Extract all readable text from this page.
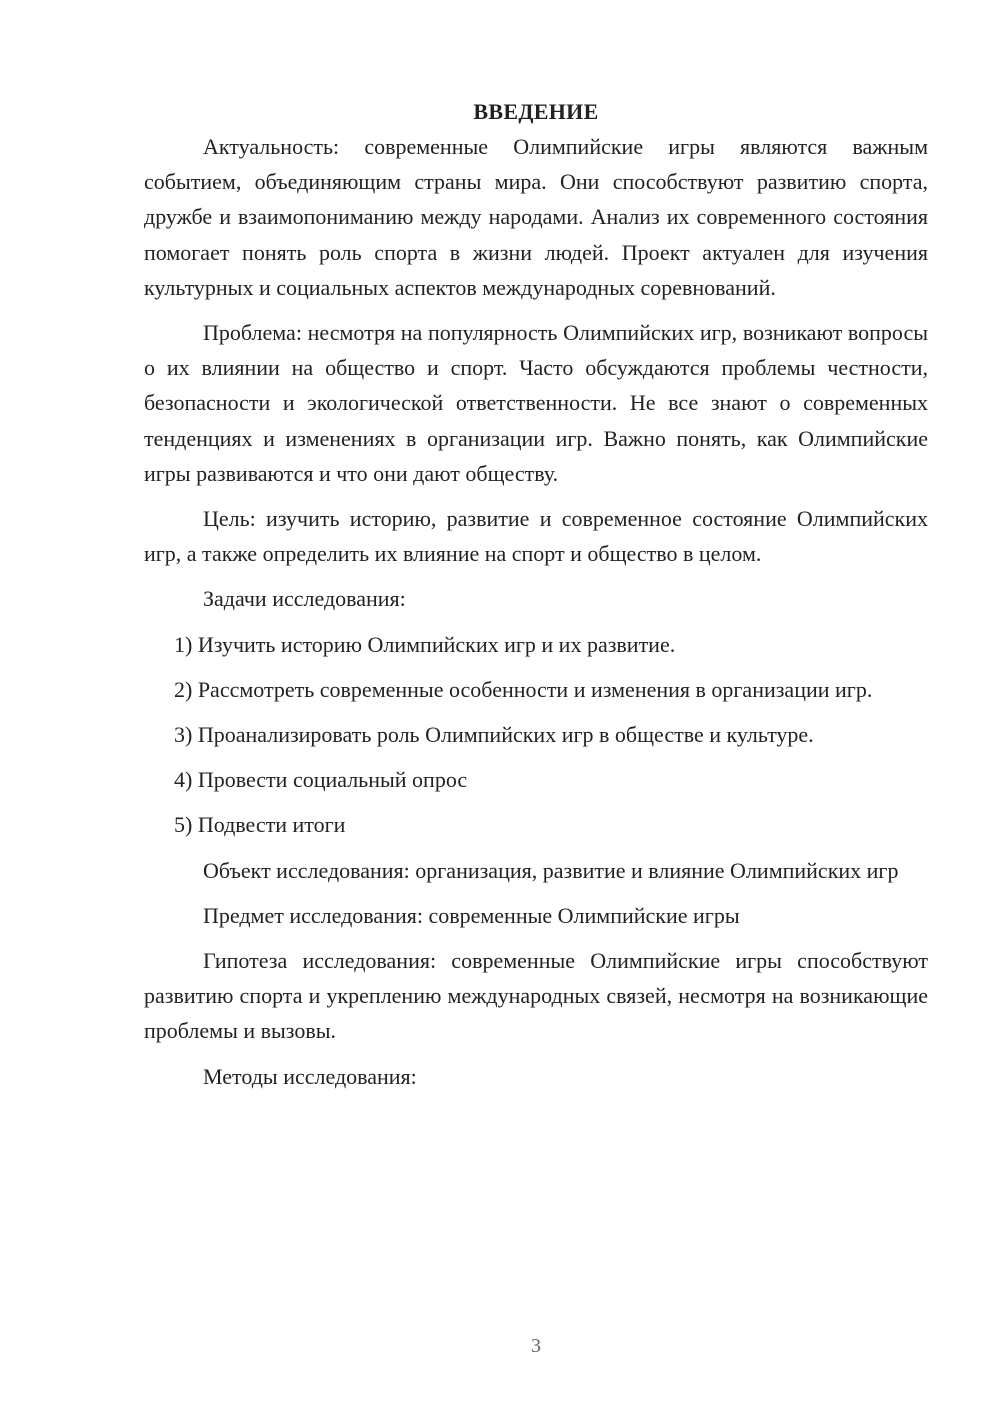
ВВЕДЕНИЕ

Актуальность: современные Олимпийские игры являются важным событием, объединяющим страны мира. Они способствуют развитию спорта, дружбе и взаимопониманию между народами. Анализ их современного состояния помогает понять роль спорта в жизни людей. Проект актуален для изучения культурных и социальных аспектов международных соревнований.

Проблема: несмотря на популярность Олимпийских игр, возникают вопросы о их влиянии на общество и спорт. Часто обсуждаются проблемы честности, безопасности и экологической ответственности. Не все знают о современных тенденциях и изменениях в организации игр. Важно понять, как Олимпийские игры развиваются и что они дают обществу.

Цель: изучить историю, развитие и современное состояние Олимпийских игр, а также определить их влияние на спорт и общество в целом.

Задачи исследования:

1) Изучить историю Олимпийских игр и их развитие.

2) Рассмотреть современные особенности и изменения в организации игр.

3) Проанализировать роль Олимпийских игр в обществе и культуре.

4) Провести социальный опрос

5) Подвести итоги

Объект исследования: организация, развитие и влияние Олимпийских игр

Предмет исследования: современные Олимпийские игры

Гипотеза исследования: современные Олимпийские игры способствуют развитию спорта и укреплению международных связей, несмотря на возникающие проблемы и вызовы.

Методы исследования:

3
